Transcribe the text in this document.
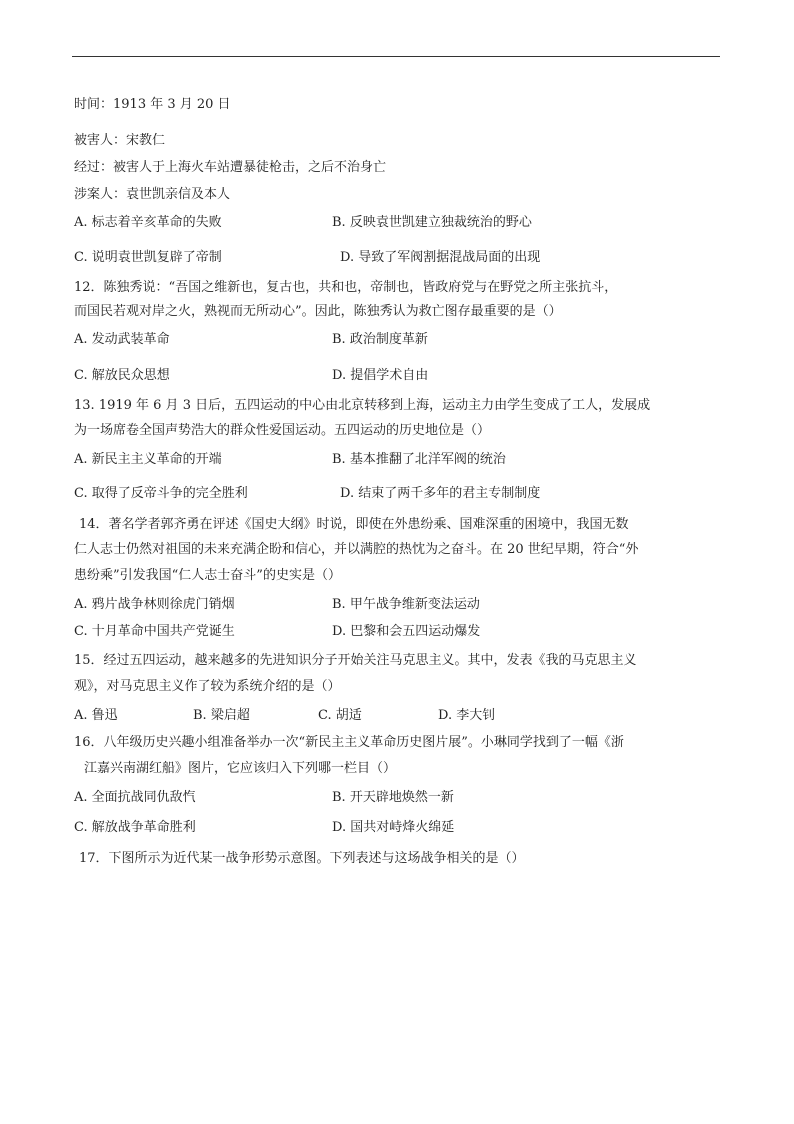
时间：1913 年 3 月 20 日
被害人：宋教仁
经过：被害人于上海火车站遭暴徒枪击，之后不治身亡
涉案人：袁世凯亲信及本人
A. 标志着辛亥革命的失败	B. 反映袁世凯建立独裁统治的野心
C. 说明袁世凯复辟了帝制	D. 导致了军阀割据混战局面的出现
12．陈独秀说：“吾国之维新也，复古也，共和也，帝制也，皆政府党与在野党之所主张抗斗，
而国民若观对岸之火，熟视而无所动心”。因此，陈独秀认为救亡图存最重要的是（）
A. 发动武装革命	B. 政治制度革新
C. 解放民众思想	D. 提倡学术自由
13. 1919 年 6 月 3 日后，五四运动的中心由北京转移到上海，运动主力由学生变成了工人，发展成
为一场席卷全国声势浩大的群众性爱国运动。五四运动的历史地位是（）
A. 新民主主义革命的开端	B. 基本推翻了北洋军阀的统治
C. 取得了反帝斗争的完全胜利	D. 结束了两千多年的君主专制制度
14．著名学者郭齐勇在评述《国史大纲》时说，即使在外患纷乘、国难深重的困境中，我国无数
仁人志士仍然对祖国的未来充满企盼和信心，并以满腔的热忱为之奋斗。在 20 世纪早期，符合“外
患纷乘”引发我国“仁人志士奋斗”的史实是（）
A. 鸦片战争林则徐虎门销烟	B. 甲午战争维新变法运动
C. 十月革命中国共产党诞生	D. 巴黎和会五四运动爆发
15．经过五四运动，越来越多的先进知识分子开始关注马克思主义。其中，发表《我的马克思主义
观》，对马克思主义作了较为系统介绍的是（）
A. 鲁迅	B. 梁启超	C. 胡适	D. 李大钊
16．八年级历史兴趣小组准备举办一次“新民主主义革命历史图片展”。小琳同学找到了一幅《浙
江嘉兴南湖红船》图片，它应该归入下列哪一栏目（）
A. 全面抗战同仇敌忾	B. 开天辟地焕然一新
C. 解放战争革命胜利	D. 国共对峙烽火绵延
17．下图所示为近代某一战争形势示意图。下列表述与这场战争相关的是（）
